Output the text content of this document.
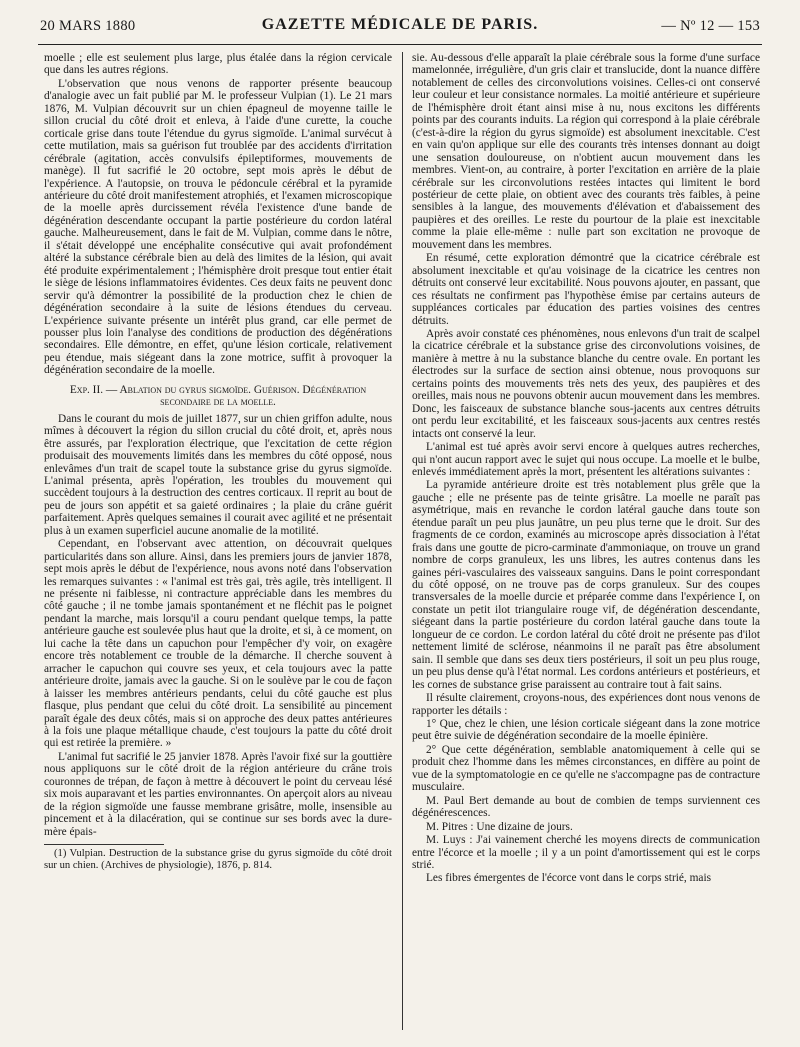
20 MARS 1880	GAZETTE MÉDICALE DE PARIS.	— Nº 12 — 153

moelle ; elle est seulement plus large, plus étalée dans la région cervicale que dans les autres régions.

L'observation que nous venons de rapporter présente beaucoup d'analogie avec un fait publié par M. le professeur Vulpian (1). Le 21 mars 1876, M. Vulpian découvrit sur un chien épagneul de moyenne taille le sillon crucial du côté droit et enleva, à l'aide d'une curette, la couche corticale grise dans toute l'étendue du gyrus sigmoïde. L'animal survécut à cette mutilation, mais sa guérison fut troublée par des accidents d'irritation cérébrale (agitation, accès convulsifs épileptiformes, mouvements de manège). Il fut sacrifié le 20 octobre, sept mois après le début de l'expérience. A l'autopsie, on trouva le pédoncule cérébral et la pyramide antérieure du côté droit manifestement atrophiés, et l'examen microscopique de la moelle après durcissement révéla l'existence d'une bande de dégénération descendante occupant la partie postérieure du cordon latéral gauche. Malheureusement, dans le fait de M. Vulpian, comme dans le nôtre, il s'était développé une encéphalite consécutive qui avait profondément altéré la substance cérébrale bien au delà des limites de la lésion, qui avait été produite expérimentalement ; l'hémisphère droit presque tout entier était le siège de lésions inflammatoires évidentes. Ces deux faits ne peuvent donc servir qu'à démontrer la possibilité de la production chez le chien de dégénération secondaire à la suite de lésions étendues du cerveau. L'expérience suivante présente un intérêt plus grand, car elle permet de pousser plus loin l'analyse des conditions de production des dégénérations secondaires. Elle démontre, en effet, qu'une lésion corticale, relativement peu étendue, mais siégeant dans la zone motrice, suffit à provoquer la dégénération secondaire de la moelle.

Exp. II. — Ablation du gyrus sigmoïde. Guérison. Dégénération secondaire de la moelle.

Dans le courant du mois de juillet 1877, sur un chien griffon adulte, nous mîmes à découvert la région du sillon crucial du côté droit, et, après nous être assurés, par l'exploration électrique, que l'excitation de cette région produisait des mouvements limités dans les membres du côté opposé, nous enlevâmes d'un trait de scapel toute la substance grise du gyrus sigmoïde. L'animal présenta, après l'opération, les troubles du mouvement qui succèdent toujours à la destruction des centres corticaux. Il reprit au bout de peu de jours son appétit et sa gaieté ordinaires ; la plaie du crâne guérit parfaitement. Après quelques semaines il courait avec agilité et ne présentait plus à un examen superficiel aucune anomalie de la motilité.

Cependant, en l'observant avec attention, on découvrait quelques particularités dans son allure. Ainsi, dans les premiers jours de janvier 1878, sept mois après le début de l'expérience, nous avons noté dans l'observation les remarques suivantes : « l'animal est très gai, très agile, très intelligent. Il ne présente ni faiblesse, ni contracture appréciable dans les membres du côté gauche ; il ne tombe jamais spontanément et ne fléchit pas le poignet pendant la marche, mais lorsqu'il a couru pendant quelque temps, la patte antérieure gauche est soulevée plus haut que la droite, et si, à ce moment, on lui cache la tête dans un capuchon pour l'empêcher d'y voir, on exagère encore très notablement ce trouble de la démarche. Il cherche souvent à arracher le capuchon qui couvre ses yeux, et cela toujours avec la patte antérieure droite, jamais avec la gauche. Si on le soulève par le cou de façon à laisser les membres antérieurs pendants, celui du côté gauche est plus flasque, plus pendant que celui du côté droit. La sensibilité au pincement paraît égale des deux côtés, mais si on approche des deux pattes antérieures à la fois une plaque métallique chaude, c'est toujours la patte du côté droit qui est retirée la première. »

L'animal fut sacrifié le 25 janvier 1878. Après l'avoir fixé sur la gouttière nous appliquons sur le côté droit de la région antérieure du crâne trois couronnes de trépan, de façon à mettre à découvert le point du cerveau lésé six mois auparavant et les parties environnantes. On aperçoit alors au niveau de la région sigmoïde une fausse membrane grisâtre, molle, insensible au pincement et à la dilacération, qui se continue sur ses bords avec la dure-mère épais-

(1) Vulpian. Destruction de la substance grise du gyrus sigmoïde du côté droit sur un chien. (Archives de physiologie), 1876, p. 814.

sie. Au-dessous d'elle apparaît la plaie cérébrale sous la forme d'une surface mamelonnée, irrégulière, d'un gris clair et translucide, dont la nuance diffère notablement de celles des circonvolutions voisines. Celles-ci ont conservé leur couleur et leur consistance normales. La moitié antérieure et supérieure de l'hémisphère droit étant ainsi mise à nu, nous excitons les différents points par des courants induits. La région qui correspond à la plaie cérébrale (c'est-à-dire la région du gyrus sigmoïde) est absolument inexcitable. C'est en vain qu'on applique sur elle des courants très intenses donnant au doigt une sensation douloureuse, on n'obtient aucun mouvement dans les membres. Vient-on, au contraire, à porter l'excitation en arrière de la plaie cérébrale sur les circonvolutions restées intactes qui limitent le bord postérieur de cette plaie, on obtient avec des courants très faibles, à peine sensibles à la langue, des mouvements d'élévation et d'abaissement des paupières et des oreilles. Le reste du pourtour de la plaie est inexcitable comme la plaie elle-même : nulle part son excitation ne provoque de mouvement dans les membres.

En résumé, cette exploration démontré que la cicatrice cérébrale est absolument inexcitable et qu'au voisinage de la cicatrice les centres non détruits ont conservé leur excitabilité. Nous pouvons ajouter, en passant, que ces résultats ne confirment pas l'hypothèse émise par certains auteurs de suppléances corticales par éducation des parties voisines des centres détruits.

Après avoir constaté ces phénomènes, nous enlevons d'un trait de scalpel la cicatrice cérébrale et la substance grise des circonvolutions voisines, de manière à mettre à nu la substance blanche du centre ovale. En portant les électrodes sur la surface de section ainsi obtenue, nous provoquons sur certains points des mouvements très nets des yeux, des paupières et des oreilles, mais nous ne pouvons obtenir aucun mouvement dans les membres. Donc, les faisceaux de substance blanche sous-jacents aux centres détruits ont perdu leur excitabilité, et les faisceaux sous-jacents aux centres restés intacts ont conservé la leur.

L'animal est tué après avoir servi encore à quelques autres recherches, qui n'ont aucun rapport avec le sujet qui nous occupe. La moelle et le bulbe, enlevés immédiatement après la mort, présentent les altérations suivantes :

La pyramide antérieure droite est très notablement plus grêle que la gauche ; elle ne présente pas de teinte grisâtre. La moelle ne paraît pas asymétrique, mais en revanche le cordon latéral gauche dans toute son étendue paraît un peu plus jaunâtre, un peu plus terne que le droit. Sur des fragments de ce cordon, examinés au microscope après dissociation à l'état frais dans une goutte de picro-carminate d'ammoniaque, on trouve un grand nombre de corps granuleux, les uns libres, les autres contenus dans les gaines péri-vasculaires des vaisseaux sanguins. Dans le point correspondant du côté opposé, on ne trouve pas de corps granuleux. Sur des coupes transversales de la moelle durcie et préparée comme dans l'expérience I, on constate un petit ilot triangulaire rouge vif, de dégénération descendante, siégeant dans la partie postérieure du cordon latéral gauche dans toute la longueur de ce cordon. Le cordon latéral du côté droit ne présente pas d'ilot nettement limité de sclérose, néanmoins il ne paraît pas être absolument sain. Il semble que dans ses deux tiers postérieurs, il soit un peu plus rouge, un peu plus dense qu'à l'état normal. Les cordons antérieurs et postérieurs, et les cornes de substance grise paraissent au contraire tout à fait sains.

Il résulte clairement, croyons-nous, des expériences dont nous venons de rapporter les détails :

1° Que, chez le chien, une lésion corticale siégeant dans la zone motrice peut être suivie de dégénération secondaire de la moelle épinière.

2° Que cette dégénération, semblable anatomiquement à celle qui se produit chez l'homme dans les mêmes circonstances, en diffère au point de vue de la symptomatologie en ce qu'elle ne s'accompagne pas de contracture musculaire.

M. Paul Bert demande au bout de combien de temps surviennent ces dégénérescences.

M. Pitres : Une dizaine de jours.

M. Luys : J'ai vainement cherché les moyens directs de communication entre l'écorce et la moelle ; il y a un point d'amortissement qui est le corps strié.

Les fibres émergentes de l'écorce vont dans le corps strié, mais
